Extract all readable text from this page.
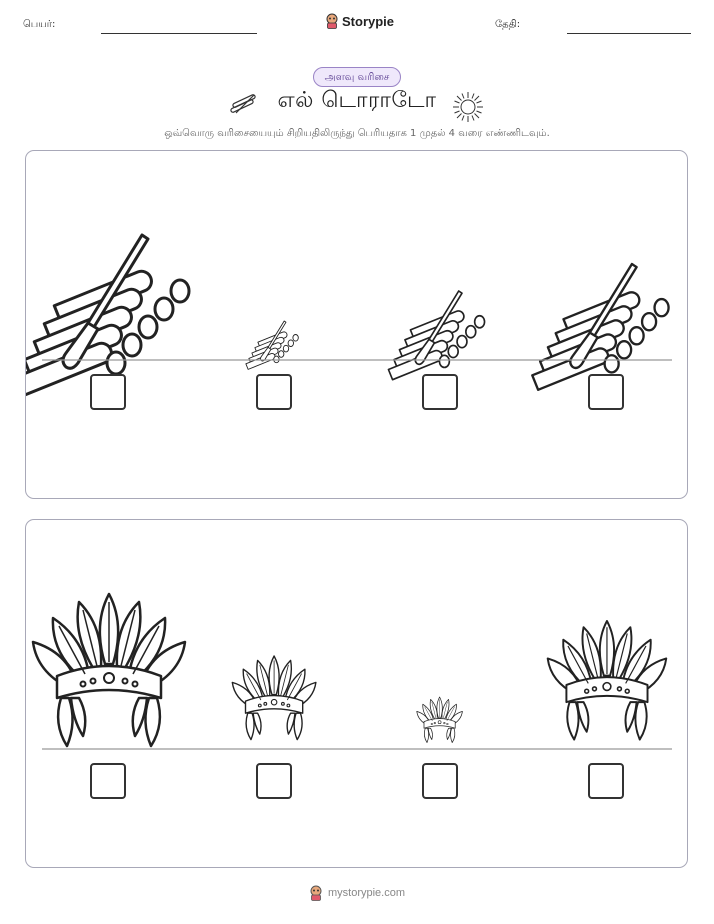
பெயர்:	Storypie	தேதி:
அளவு வரிசை
எல் டொராடோ
ஒவ்வொரு வரிசையையும் சிறியதிலிருந்து பெரியதாக 1 முதல் 4 வரை எண்ணிடவும்.
mystorypie.com
